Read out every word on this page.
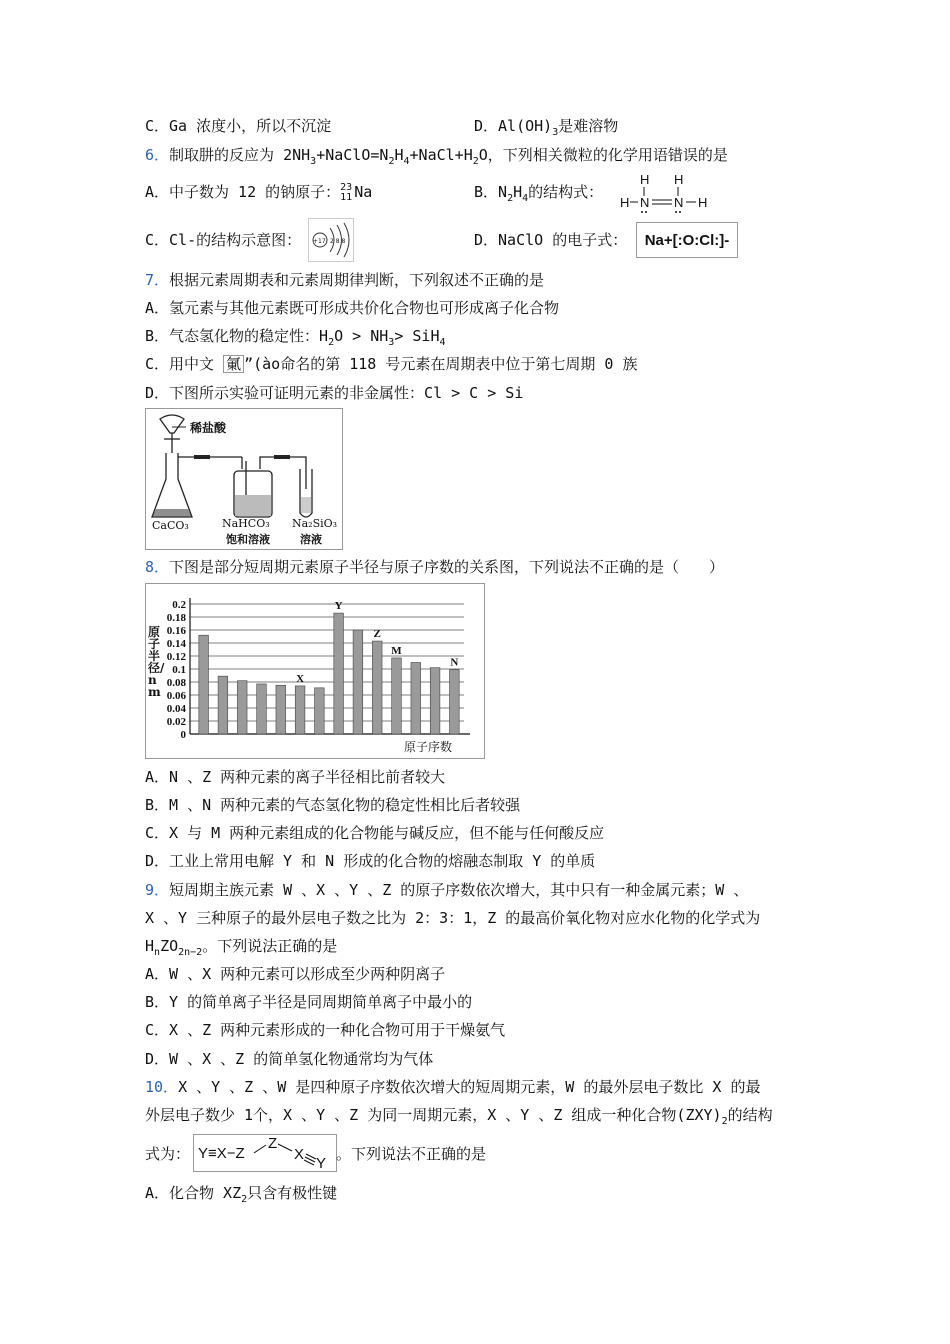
C．Ga 浓度小，所以不沉淀	D．$Al(OH)_3$是难溶物
6．制取肼的反应为 $2NH_3+NaClO=N_2H_4+NaCl+H_2O$，下列相关微粒的化学用语错误的是
A．中子数为 12 的钠原子：23
11 Na	B．$N_2H_4$的结构式：
H H
H N N H
C．Cl-的结构示意图： +17 2 8 8	D．NaClO 的电子式： Na+[:O:Cl:]-
7．根据元素周期表和元素周期律判断，下列叙述不正确的是
A．氢元素与其他元素既可形成共价化合物也可形成离子化合物
B．气态氢化物的稳定性：$H_2O > NH_3> SiH_4$
C．用中文 氭 ”(àо命名的第 118 号元素在周期表中位于第七周期 0 族
D．下图所示实验可证明元素的非金属性：Cl > C > Si
稀盐酸
CaCO₃	NaHCO₃
饱和溶液
Na₂SiO₃
溶液
8．下图是部分短周期元素原子半径与原子序数的关系图，下列说法不正确的是（　　）
0.2
0.18
0.16
0.14
0.12
0.1
0.08
0.06
0.04
0.02
0
X
Y
Z
M
N
原子半径/nm
原子序数
A．N 、Z 两种元素的离子半径相比前者较大
B．M 、N 两种元素的气态氢化物的稳定性相比后者较强
C．X 与 M 两种元素组成的化合物能与碱反应，但不能与任何酸反应
D．工业上常用电解 Y 和 N 形成的化合物的熔融态制取 Y 的单质
9．短周期主族元素 W 、X 、Y 、Z 的原子序数依次增大，其中只有一种金属元素；W 、
X 、Y 三种原子的最外层电子数之比为 2：3：1，Z 的最高价氧化物对应水化物的化学式为
$H_nZO_{2n-2}$。下列说法正确的是
A．W 、X 两种元素可以形成至少两种阴离子
B．Y 的简单离子半径是同周期简单离子中最小的
C．X 、Z 两种元素形成的一种化合物可用于干燥氨气
D．W 、X 、Z 的简单氢化物通常均为气体
10．X 、Y 、Z 、W 是四种原子序数依次增大的短周期元素，W 的最外层电子数比 X 的最
外层电子数少 1个，X 、Y 、Z 为同一周期元素，X 、Y 、Z 组成一种化合物$(ZXY)_2$的结构
式为： Y≡X−Z
Z
X
Y
。下列说法不正确的是
A．化合物 $XZ_2$只含有极性键
